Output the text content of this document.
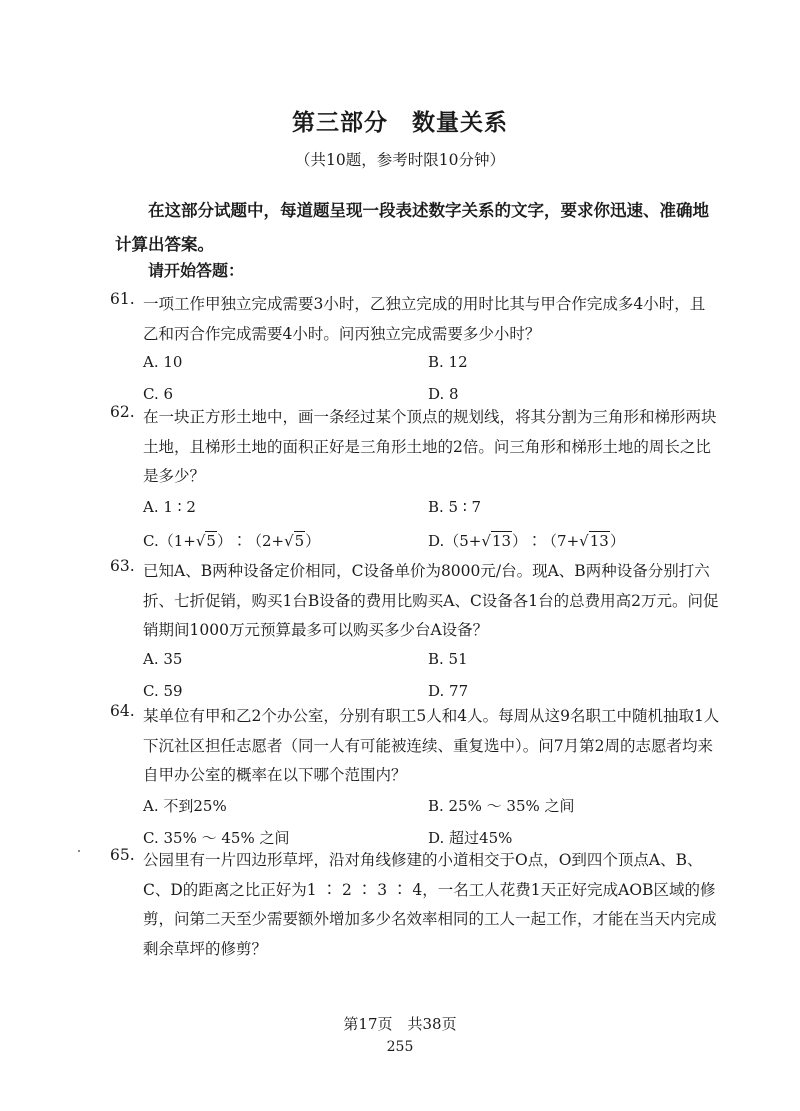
第三部分　数量关系
（共10题，参考时限10分钟）
在这部分试题中，每道题呈现一段表述数字关系的文字，要求你迅速、准确地计算出答案。
请开始答题：
61. 一项工作甲独立完成需要3小时，乙独立完成的用时比其与甲合作完成多4小时，且乙和丙合作完成需要4小时。问丙独立完成需要多少小时？
A. 10	B. 12
C. 6	D. 8
62. 在一块正方形土地中，画一条经过某个顶点的规划线，将其分割为三角形和梯形两块土地，且梯形土地的面积正好是三角形土地的2倍。问三角形和梯形土地的周长之比是多少？
A. 1 ∶ 2	B. 5 ∶ 7
C.（1+√5）∶（2+√5）	D.（5+√13）∶（7+√13）
63. 已知A、B两种设备定价相同，C设备单价为8000元/台。现A、B两种设备分别打六折、七折促销，购买1台B设备的费用比购买A、C设备各1台的总费用高2万元。问促销期间1000万元预算最多可以购买多少台A设备？
A. 35	B. 51
C. 59	D. 77
64. 某单位有甲和乙2个办公室，分别有职工5人和4人。每周从这9名职工中随机抽取1人下沉社区担任志愿者（同一人有可能被连续、重复选中）。问7月第2周的志愿者均来自甲办公室的概率在以下哪个范围内？
A. 不到25%	B. 25% ～ 35% 之间
C. 35% ～ 45% 之间	D. 超过45%
65. 公园里有一片四边形草坪，沿对角线修建的小道相交于O点，O到四个顶点A、B、C、D的距离之比正好为1 ∶ 2 ∶ 3 ∶ 4，一名工人花费1天正好完成AOB区域的修剪，问第二天至少需要额外增加多少名效率相同的工人一起工作，才能在当天内完成剩余草坪的修剪？
第17页　共38页
255
